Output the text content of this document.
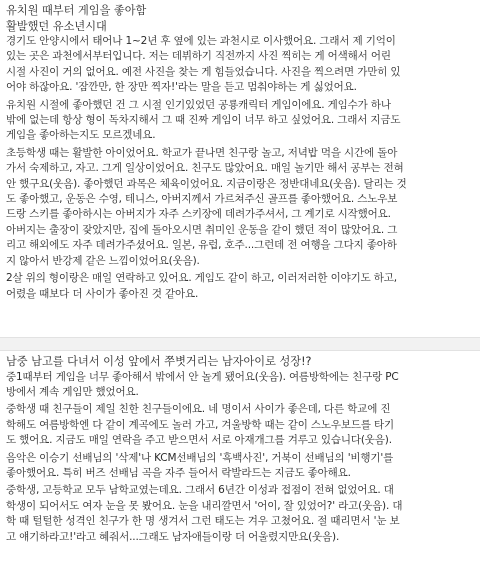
유치원 때부터 게임을 좋아함

활발했던 유소년시대

경기도 안양시에서 태어나 1~2년 후 옆에 있는 과천시로 이사했어요. 그래서 제 기억이
있는 곳은 과천에서부터입니다. 저는 데뷔하기 직전까지 사진 찍히는 게 어색해서 어린
시절 사진이 거의 없어요. 예전 사진을 찾는 게 힘들었습니다. 사진을 찍으려면 가만히 있
어야 하잖아요. '잠깐만, 한 장만 찍자!'라는 말을 듣고 멈춰야하는 게 싫었어요.

유치원 시절에 좋아했던 건 그 시절 인기있었던 공룡캐릭터 게임이에요. 게임수가 하나
밖에 없는데 항상 형이 독차지해서 그 때 진짜 게임이 너무 하고 싶었어요. 그래서 지금도
게임을 좋아하는지도 모르겠네요.

초등학생 때는 활발한 아이었어요. 학교가 끝나면 친구랑 놀고, 저녁밥 먹을 시간에 돌아
가서 숙제하고, 자고. 그게 일상이었어요. 친구도 많았어요. 매일 놀기만 해서 공부는 전혀
안 했구요(웃음). 좋아했던 과목은 체육이었어요. 지금이랑은 정반대네요(웃음). 달리는 것
도 좋아했고, 운동은 수영, 테니스, 아버지께서 가르쳐주신 골프를 좋아했어요. 스노우보
드랑 스키를 좋아하시는 아버지가 자주 스키장에 데려가주셔서, 그 계기로 시작했어요.
아버지는 출장이 잦았지만, 집에 돌아오시면 취미인 운동을 같이 했던 적이 많았어요. 그
리고 해외에도 자주 데려가주셨어요. 일본, 유럽, 호주...그런데 전 여행을 그다지 좋아하
지 않아서 반강제 같은 느낌이었어요(웃음).

2살 위의 형이랑은 매일 연락하고 있어요. 게임도 같이 하고, 이러저러한 이야기도 하고,
어렸을 때보다 더 사이가 좋아진 것 같아요.

남중 남고를 다녀서 이성 앞에서 쭈볏거리는 남자아이로 성장!?

중1때부터 게임을 너무 좋아해서 밖에서 안 놀게 됐어요(웃음). 여름방학에는 친구랑 PC
방에서 계속 게임만 했었어요.

중학생 때 친구들이 제일 친한 친구들이에요. 네 명이서 사이가 좋은데, 다른 학교에 진
학해도 여름방학엔 다 같이 계곡에도 놀러 가고, 겨울방학 때는 같이 스노우보드를 타기
도 했어요. 지금도 매일 연락을 주고 받으면서 서로 아재개그를 겨루고 있습니다(웃음).

음악은 이승기 선배님의 '삭제'나 KCM선배님의 '흑백사진', 거북이 선배님의 '비행기'를
좋아했어요. 특히 버즈 선배님 곡을 자주 들어서 락발라드는 지금도 좋아해요.

중학생, 고등학교 모두 남학교였는데요. 그래서 6년간 이성과 접점이 전혀 없었어요. 대
학생이 되어서도 여자 눈을 못 봤어요. 눈을 내리깔면서 '어이, 잘 있었어?' 라고(웃음). 대
학 때 털털한 성격인 친구가 한 명 생겨서 그런 태도는 겨우 고쳤어요. 절 때리면서 '눈 보
고 얘기하라고!'라고 혜줘서...그래도 남자애들이랑 더 어울렸지만요(웃음).
